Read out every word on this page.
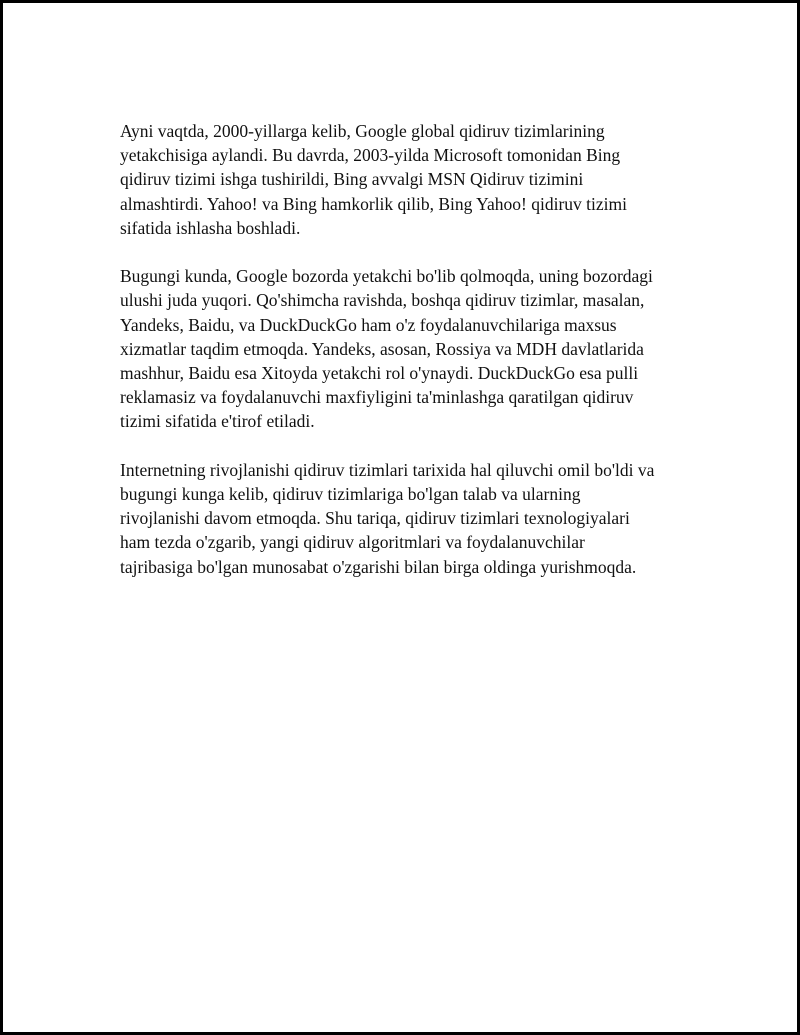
Ayni vaqtda, 2000-yillarga kelib, Google global qidiruv tizimlarining
yetakchisiga aylandi. Bu davrda, 2003-yilda Microsoft tomonidan Bing
qidiruv tizimi ishga tushirildi, Bing avvalgi MSN Qidiruv tizimini
almashtirdi. Yahoo! va Bing hamkorlik qilib, Bing Yahoo! qidiruv tizimi
sifatida ishlasha boshladi.

Bugungi kunda, Google bozorda yetakchi bo'lib qolmoqda, uning bozordagi
ulushi juda yuqori. Qo'shimcha ravishda, boshqa qidiruv tizimlar, masalan,
Yandeks, Baidu, va DuckDuckGo ham o'z foydalanuvchilariga maxsus
xizmatlar taqdim etmoqda. Yandeks, asosan, Rossiya va MDH davlatlarida
mashhur, Baidu esa Xitoyda yetakchi rol o'ynaydi. DuckDuckGo esa pulli
reklamasiz va foydalanuvchi maxfiyligini ta'minlashga qaratilgan qidiruv
tizimi sifatida e'tirof etiladi.

Internetning rivojlanishi qidiruv tizimlari tarixida hal qiluvchi omil bo'ldi va
bugungi kunga kelib, qidiruv tizimlariga bo'lgan talab va ularning
rivojlanishi davom etmoqda. Shu tariqa, qidiruv tizimlari texnologiyalari
ham tezda o'zgarib, yangi qidiruv algoritmlari va foydalanuvchilar
tajribasiga bo'lgan munosabat o'zgarishi bilan birga oldinga yurishmoqda.
